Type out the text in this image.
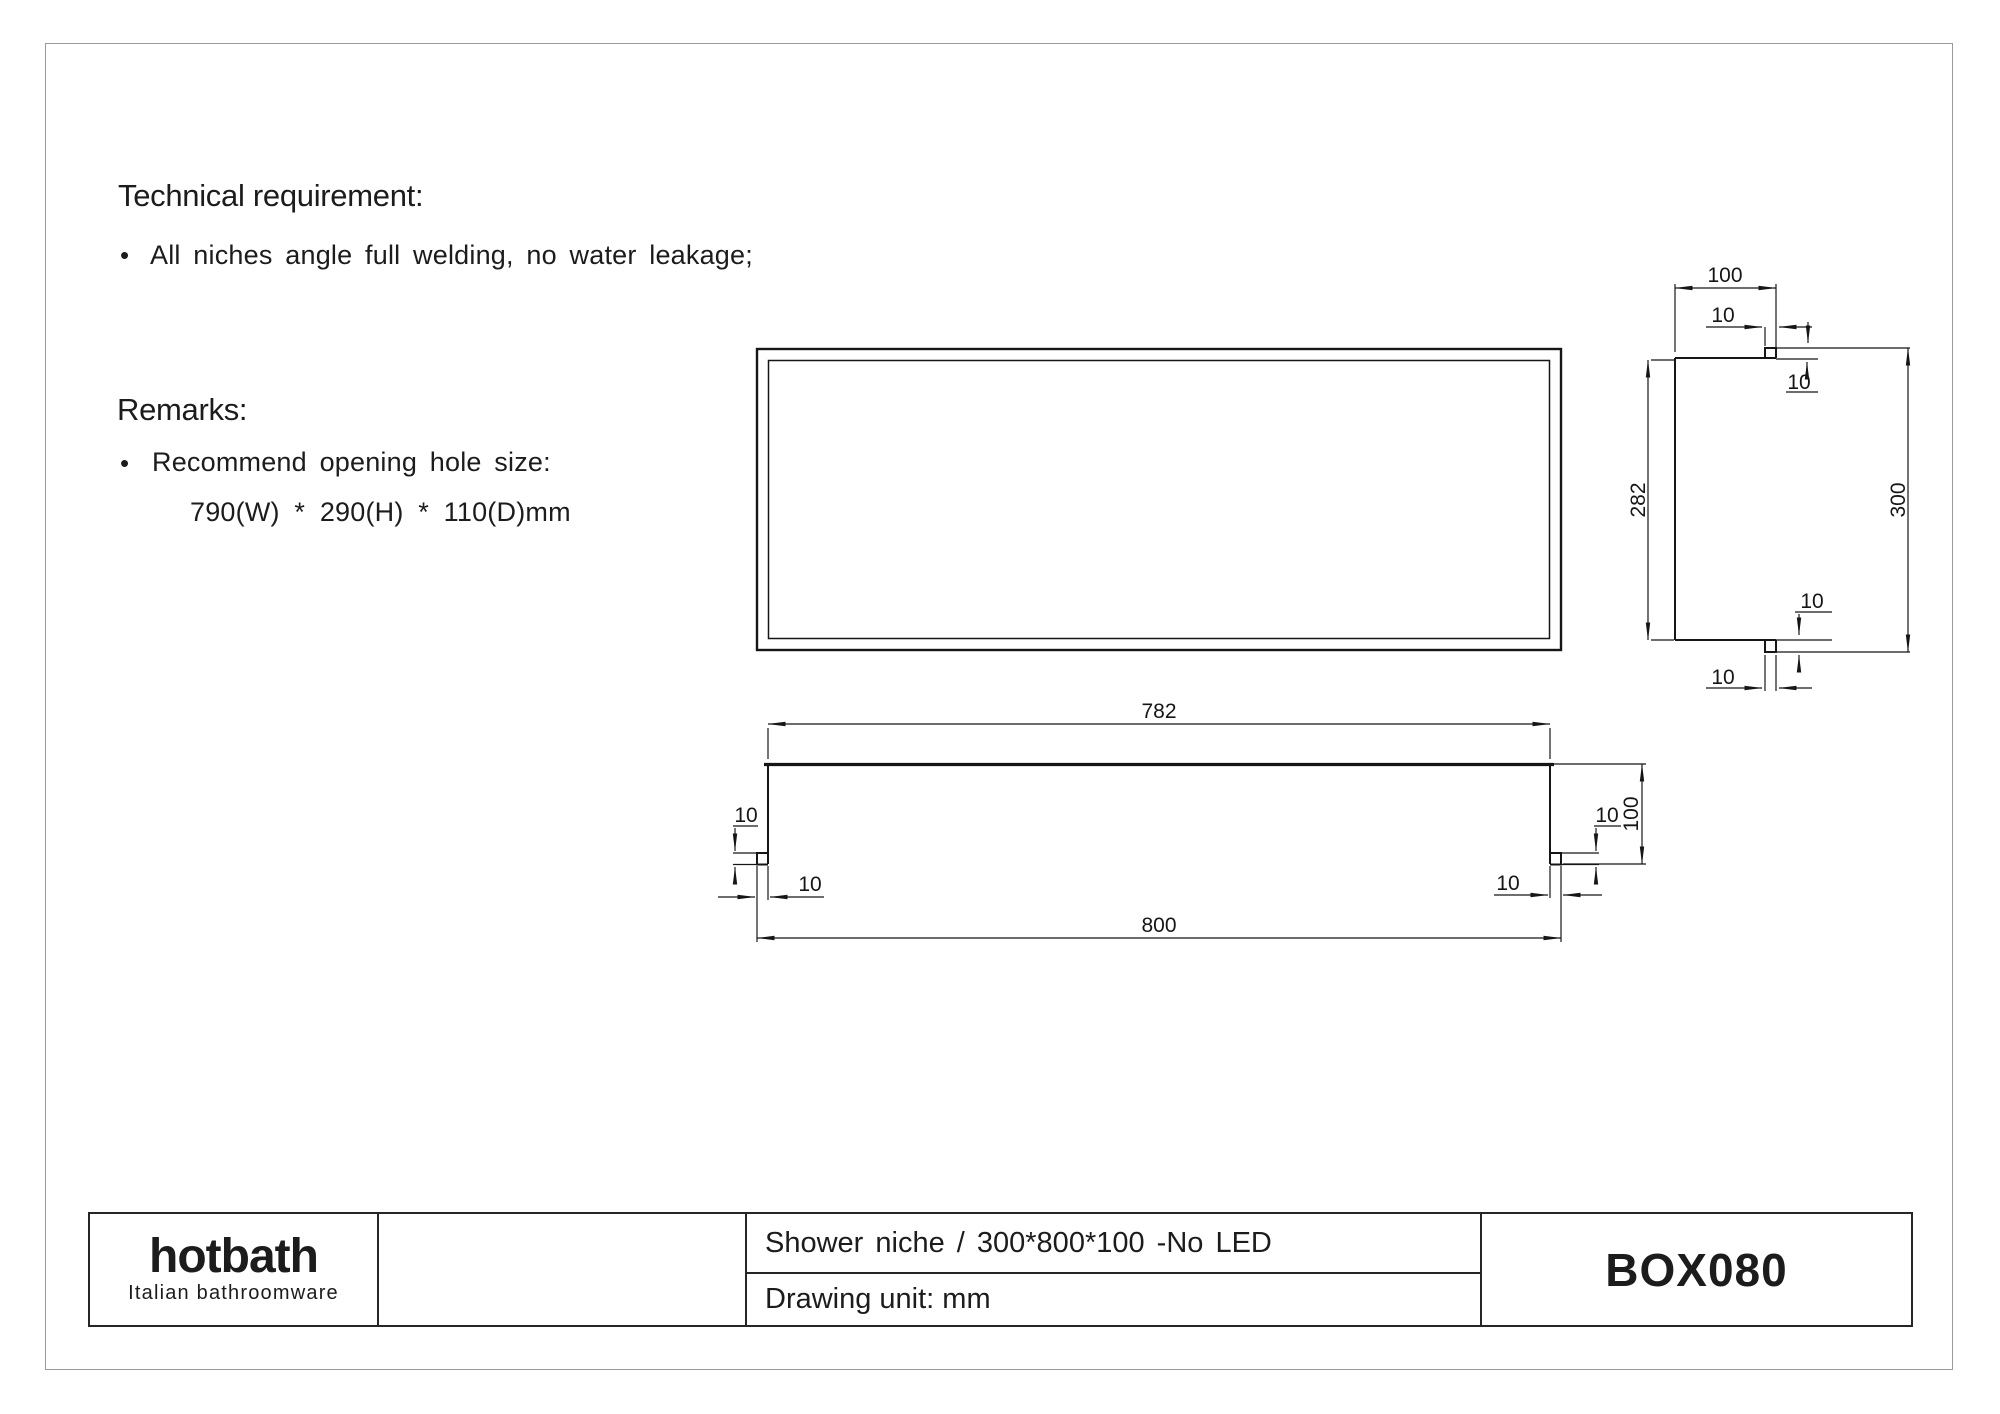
Technical requirement:
• All niches angle full welding, no water leakage;
Remarks:
• Recommend opening hole size:
790(W) * 290(H) * 110(D)mm
100
10
10
282	300
10
10
782
800
100
10
10
10
10
hotbath
Italian bathroomware
Shower niche / 300*800*100 -No LED
Drawing unit: mm
BOX080
